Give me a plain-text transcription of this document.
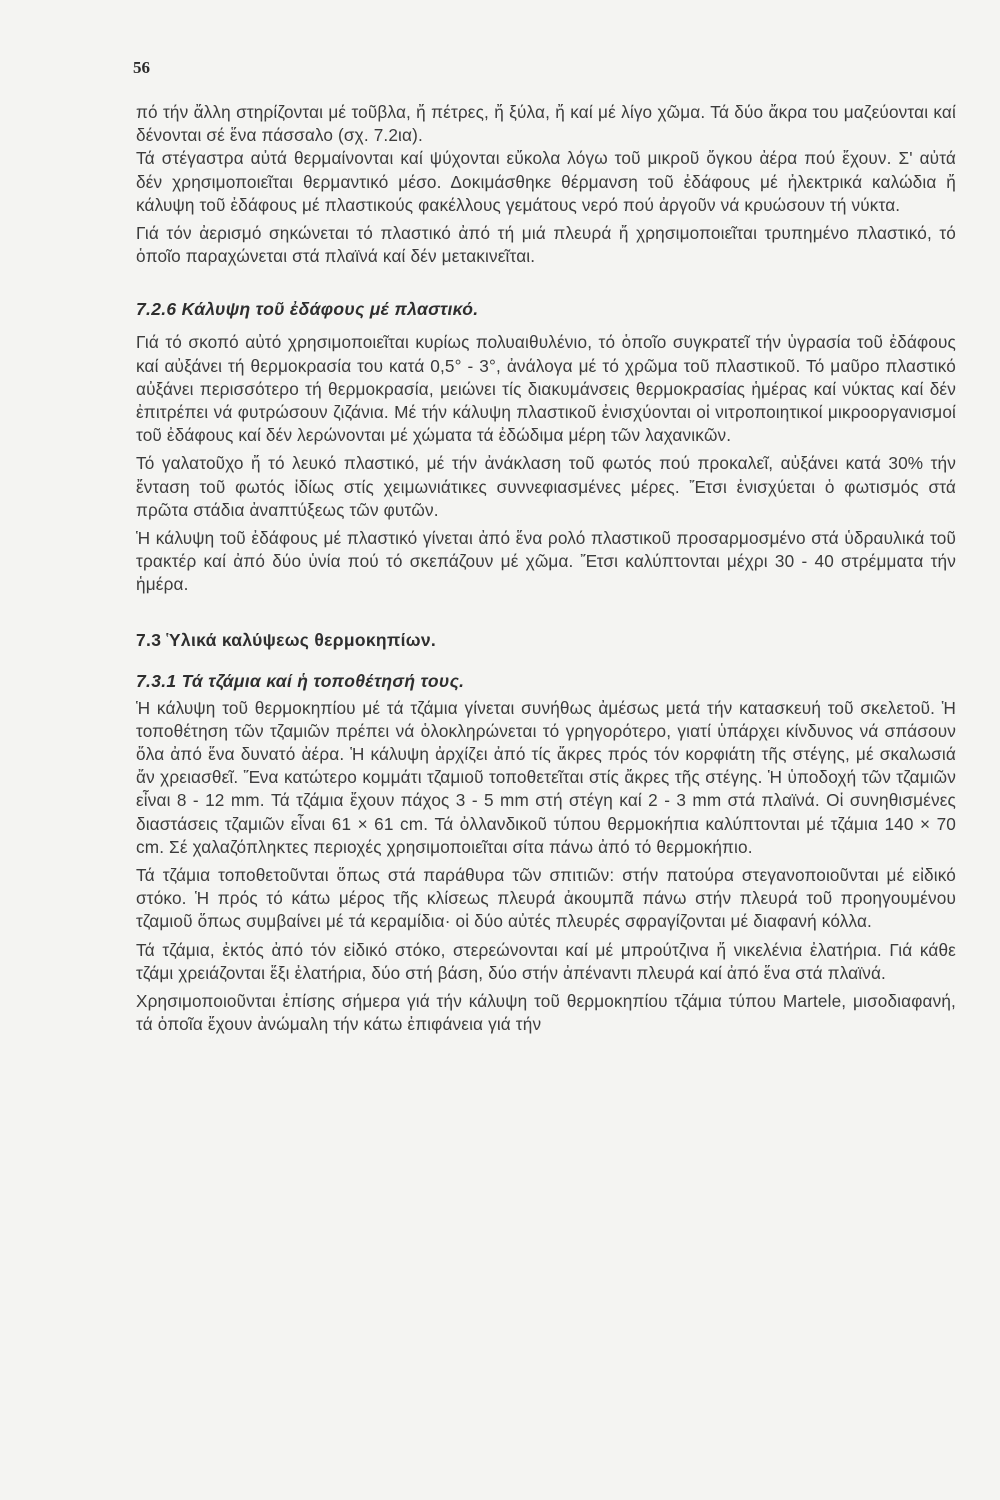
56

πό τήν ἄλλη στηρίζονται μέ τοῦβλα, ἤ πέτρες, ἤ ξύλα, ἤ καί μέ λίγο χῶμα. Τά δύο ἄκρα του μαζεύονται καί δένονται σέ ἕνα πάσσαλο (σχ. 7.2ια).

Τά στέγαστρα αὐτά θερμαίνονται καί ψύχονται εὔκολα λόγω τοῦ μικροῦ ὄγκου ἀέρα πού ἔχουν. Σ' αὐτά δέν χρησιμοποιεῖται θερμαντικό μέσο. Δοκιμάσθηκε θέρμανση τοῦ ἐδάφους μέ ἠλεκτρικά καλώδια ἤ κάλυψη τοῦ ἐδάφους μέ πλαστικούς φακέλλους γεμάτους νερό πού ἀργοῦν νά κρυώσουν τή νύκτα.

Γιά τόν ἀερισμό σηκώνεται τό πλαστικό ἀπό τή μιά πλευρά ἤ χρησιμοποιεῖται τρυπημένο πλαστικό, τό ὁποῖο παραχώνεται στά πλαϊνά καί δέν μετακινεῖται.

7.2.6 Κάλυψη τοῦ ἐδάφους μέ πλαστικό.

Γιά τό σκοπό αὐτό χρησιμοποιεῖται κυρίως πολυαιθυλένιο, τό ὁποῖο συγκρατεῖ τήν ὑγρασία τοῦ ἐδάφους καί αὐξάνει τή θερμοκρασία του κατά 0,5° - 3°, ἀνάλογα μέ τό χρῶμα τοῦ πλαστικοῦ. Τό μαῦρο πλαστικό αὐξάνει περισσότερο τή θερμοκρασία, μειώνει τίς διακυμάνσεις θερμοκρασίας ἡμέρας καί νύκτας καί δέν ἐπιτρέπει νά φυτρώσουν ζιζάνια. Μέ τήν κάλυψη πλαστικοῦ ἐνισχύονται οἱ νιτροποιητικοί μικροοργανισμοί τοῦ ἐδάφους καί δέν λερώνονται μέ χώματα τά ἐδώδιμα μέρη τῶν λαχανικῶν.

Τό γαλατοῦχο ἤ τό λευκό πλαστικό, μέ τήν ἀνάκλαση τοῦ φωτός πού προκαλεῖ, αὐξάνει κατά 30% τήν ἔνταση τοῦ φωτός ἰδίως στίς χειμωνιάτικες συννεφιασμένες μέρες. Ἔτσι ἐνισχύεται ὁ φωτισμός στά πρῶτα στάδια ἀναπτύξεως τῶν φυτῶν.

Ἡ κάλυψη τοῦ ἐδάφους μέ πλαστικό γίνεται ἀπό ἕνα ρολό πλαστικοῦ προσαρμοσμένο στά ὑδραυλικά τοῦ τρακτέρ καί ἀπό δύο ὑνία πού τό σκεπάζουν μέ χῶμα. Ἔτσι καλύπτονται μέχρι 30 - 40 στρέμματα τήν ἡμέρα.

7.3 Ὑλικά καλύψεως θερμοκηπίων.
7.3.1 Τά τζάμια καί ἡ τοποθέτησή τους.

Ἡ κάλυψη τοῦ θερμοκηπίου μέ τά τζάμια γίνεται συνήθως ἀμέσως μετά τήν κατασκευή τοῦ σκελετοῦ. Ἡ τοποθέτηση τῶν τζαμιῶν πρέπει νά ὁλοκληρώνεται τό γρηγορότερο, γιατί ὑπάρχει κίνδυνος νά σπάσουν ὅλα ἀπό ἕνα δυνατό ἀέρα. Ἡ κάλυψη ἀρχίζει ἀπό τίς ἄκρες πρός τόν κορφιάτη τῆς στέγης, μέ σκαλωσιά ἄν χρειασθεῖ. Ἕνα κατώτερο κομμάτι τζαμιοῦ τοποθετεῖται στίς ἄκρες τῆς στέγης. Ἡ ὑποδοχή τῶν τζαμιῶν εἶναι 8 - 12 mm. Τά τζάμια ἔχουν πάχος 3 - 5 mm στή στέγη καί 2 - 3 mm στά πλαϊνά. Οἱ συνηθισμένες διαστάσεις τζαμιῶν εἶναι 61 × 61 cm. Τά ὀλλανδικοῦ τύπου θερμοκήπια καλύπτονται μέ τζάμια 140 × 70 cm. Σέ χαλαζόπληκτες περιοχές χρησιμοποιεῖται σίτα πάνω ἀπό τό θερμοκήπιο.

Τά τζάμια τοποθετοῦνται ὅπως στά παράθυρα τῶν σπιτιῶν: στήν πατούρα στεγανοποιοῦνται μέ εἰδικό στόκο. Ἡ πρός τό κάτω μέρος τῆς κλίσεως πλευρά ἀκουμπᾶ πάνω στήν πλευρά τοῦ προηγουμένου τζαμιοῦ ὅπως συμβαίνει μέ τά κεραμίδια· οἱ δύο αὐτές πλευρές σφραγίζονται μέ διαφανή κόλλα.

Τά τζάμια, ἐκτός ἀπό τόν εἰδικό στόκο, στερεώνονται καί μέ μπρούτζινα ἤ νικελένια ἐλατήρια. Γιά κάθε τζάμι χρειάζονται ἕξι ἐλατήρια, δύο στή βάση, δύο στήν ἀπέναντι πλευρά καί ἀπό ἕνα στά πλαϊνά.

Χρησιμοποιοῦνται ἐπίσης σήμερα γιά τήν κάλυψη τοῦ θερμοκηπίου τζάμια τύπου Martele, μισοδιαφανή, τά ὁποῖα ἔχουν ἀνώμαλη τήν κάτω ἐπιφάνεια γιά τήν
